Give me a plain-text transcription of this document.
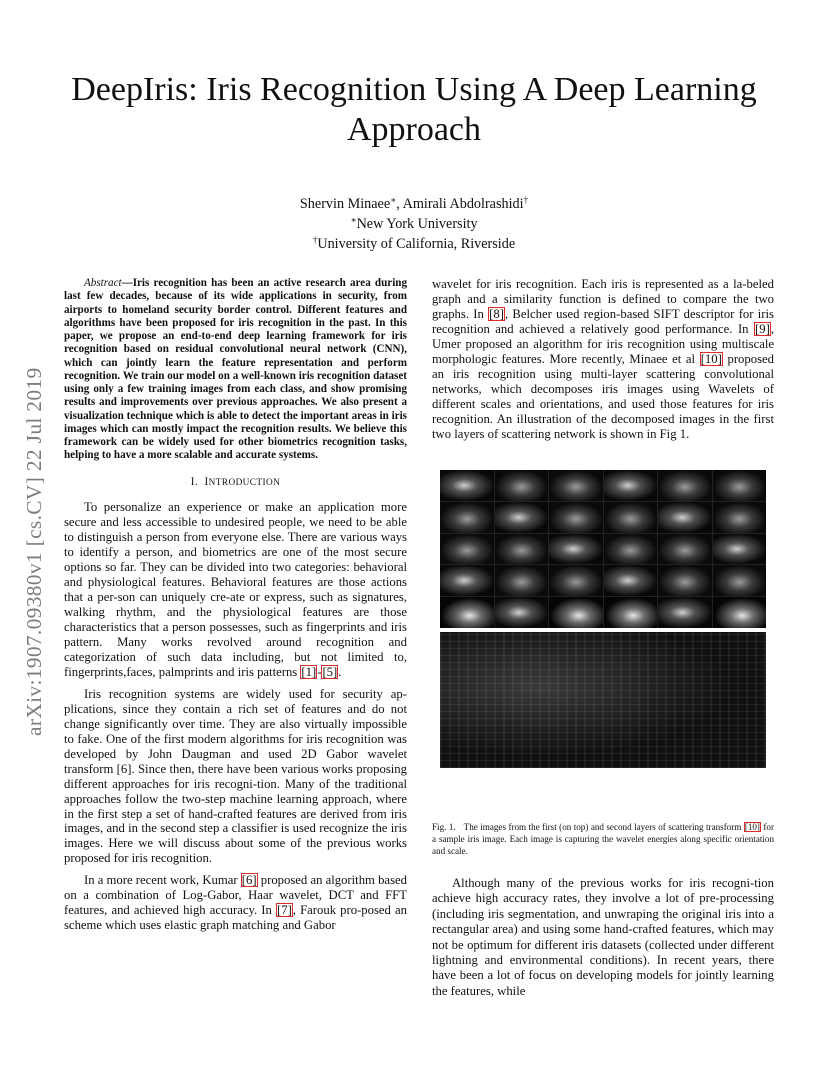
arXiv:1907.09380v1 [cs.CV] 22 Jul 2019
DeepIris: Iris Recognition Using A Deep Learning Approach
Shervin Minaee∗, Amirali Abdolrashidi†
∗New York University
†University of California, Riverside

Abstract—Iris recognition has been an active research area during last few decades, because of its wide applications in security, from airports to homeland security border control. Different features and algorithms have been proposed for iris recognition in the past. In this paper, we propose an end-to-end deep learning framework for iris recognition based on residual convolutional neural network (CNN), which can jointly learn the feature representation and perform recognition. We train our model on a well-known iris recognition dataset using only a few training images from each class, and show promising results and improvements over previous approaches. We also present a visualization technique which is able to detect the important areas in iris images which can mostly impact the recognition results. We believe this framework can be widely used for other biometrics recognition tasks, helping to have a more scalable and accurate systems.

I. INTRODUCTION

To personalize an experience or make an application more secure and less accessible to undesired people, we need to be able to distinguish a person from everyone else. There are various ways to identify a person, and biometrics are one of the most secure options so far. They can be divided into two categories: behavioral and physiological features. Behavioral features are those actions that a per-son can uniquely cre-ate or express, such as signatures, walking rhythm, and the physiological features are those characteristics that a person possesses, such as fingerprints and iris pattern. Many works revolved around recognition and categorization of such data including, but not limited to, fingerprints,faces, palmprints and iris patterns [1]-[5].

Iris recognition systems are widely used for security ap-plications, since they contain a rich set of features and do not change significantly over time. They are also virtually impossible to fake. One of the first modern algorithms for iris recognition was developed by John Daugman and used 2D Gabor wavelet transform [6]. Since then, there have been various works proposing different approaches for iris recogni-tion. Many of the traditional approaches follow the two-step machine learning approach, where in the first step a set of hand-crafted features are derived from iris images, and in the second step a classifier is used recognize the iris images. Here we will discuss about some of the previous works proposed for iris recognition.

In a more recent work, Kumar [6] proposed an algorithm based on a combination of Log-Gabor, Haar wavelet, DCT and FFT features, and achieved high accuracy. In [7], Farouk pro-posed an scheme which uses elastic graph matching and Gabor

wavelet for iris recognition. Each iris is represented as a la-beled graph and a similarity function is defined to compare the two graphs. In [8], Belcher used region-based SIFT descriptor for iris recognition and achieved a relatively good performance. In [9], Umer proposed an algorithm for iris recognition using multiscale morphologic features. More recently, Minaee et al [10] proposed an iris recognition using multi-layer scattering convolutional networks, which decomposes iris images using Wavelets of different scales and orientations, and used those features for iris recognition. An illustration of the decomposed images in the first two layers of scattering network is shown in Fig 1.

Fig. 1. The images from the first (on top) and second layers of scattering transform [10] for a sample iris image. Each image is capturing the wavelet energies along specific orientation and scale.

Although many of the previous works for iris recogni-tion achieve high accuracy rates, they involve a lot of pre-processing (including iris segmentation, and unwraping the original iris into a rectangular area) and using some hand-crafted features, which may not be optimum for different iris datasets (collected under different lightning and environmental conditions). In recent years, there have been a lot of focus on developing models for jointly learning the features, while
